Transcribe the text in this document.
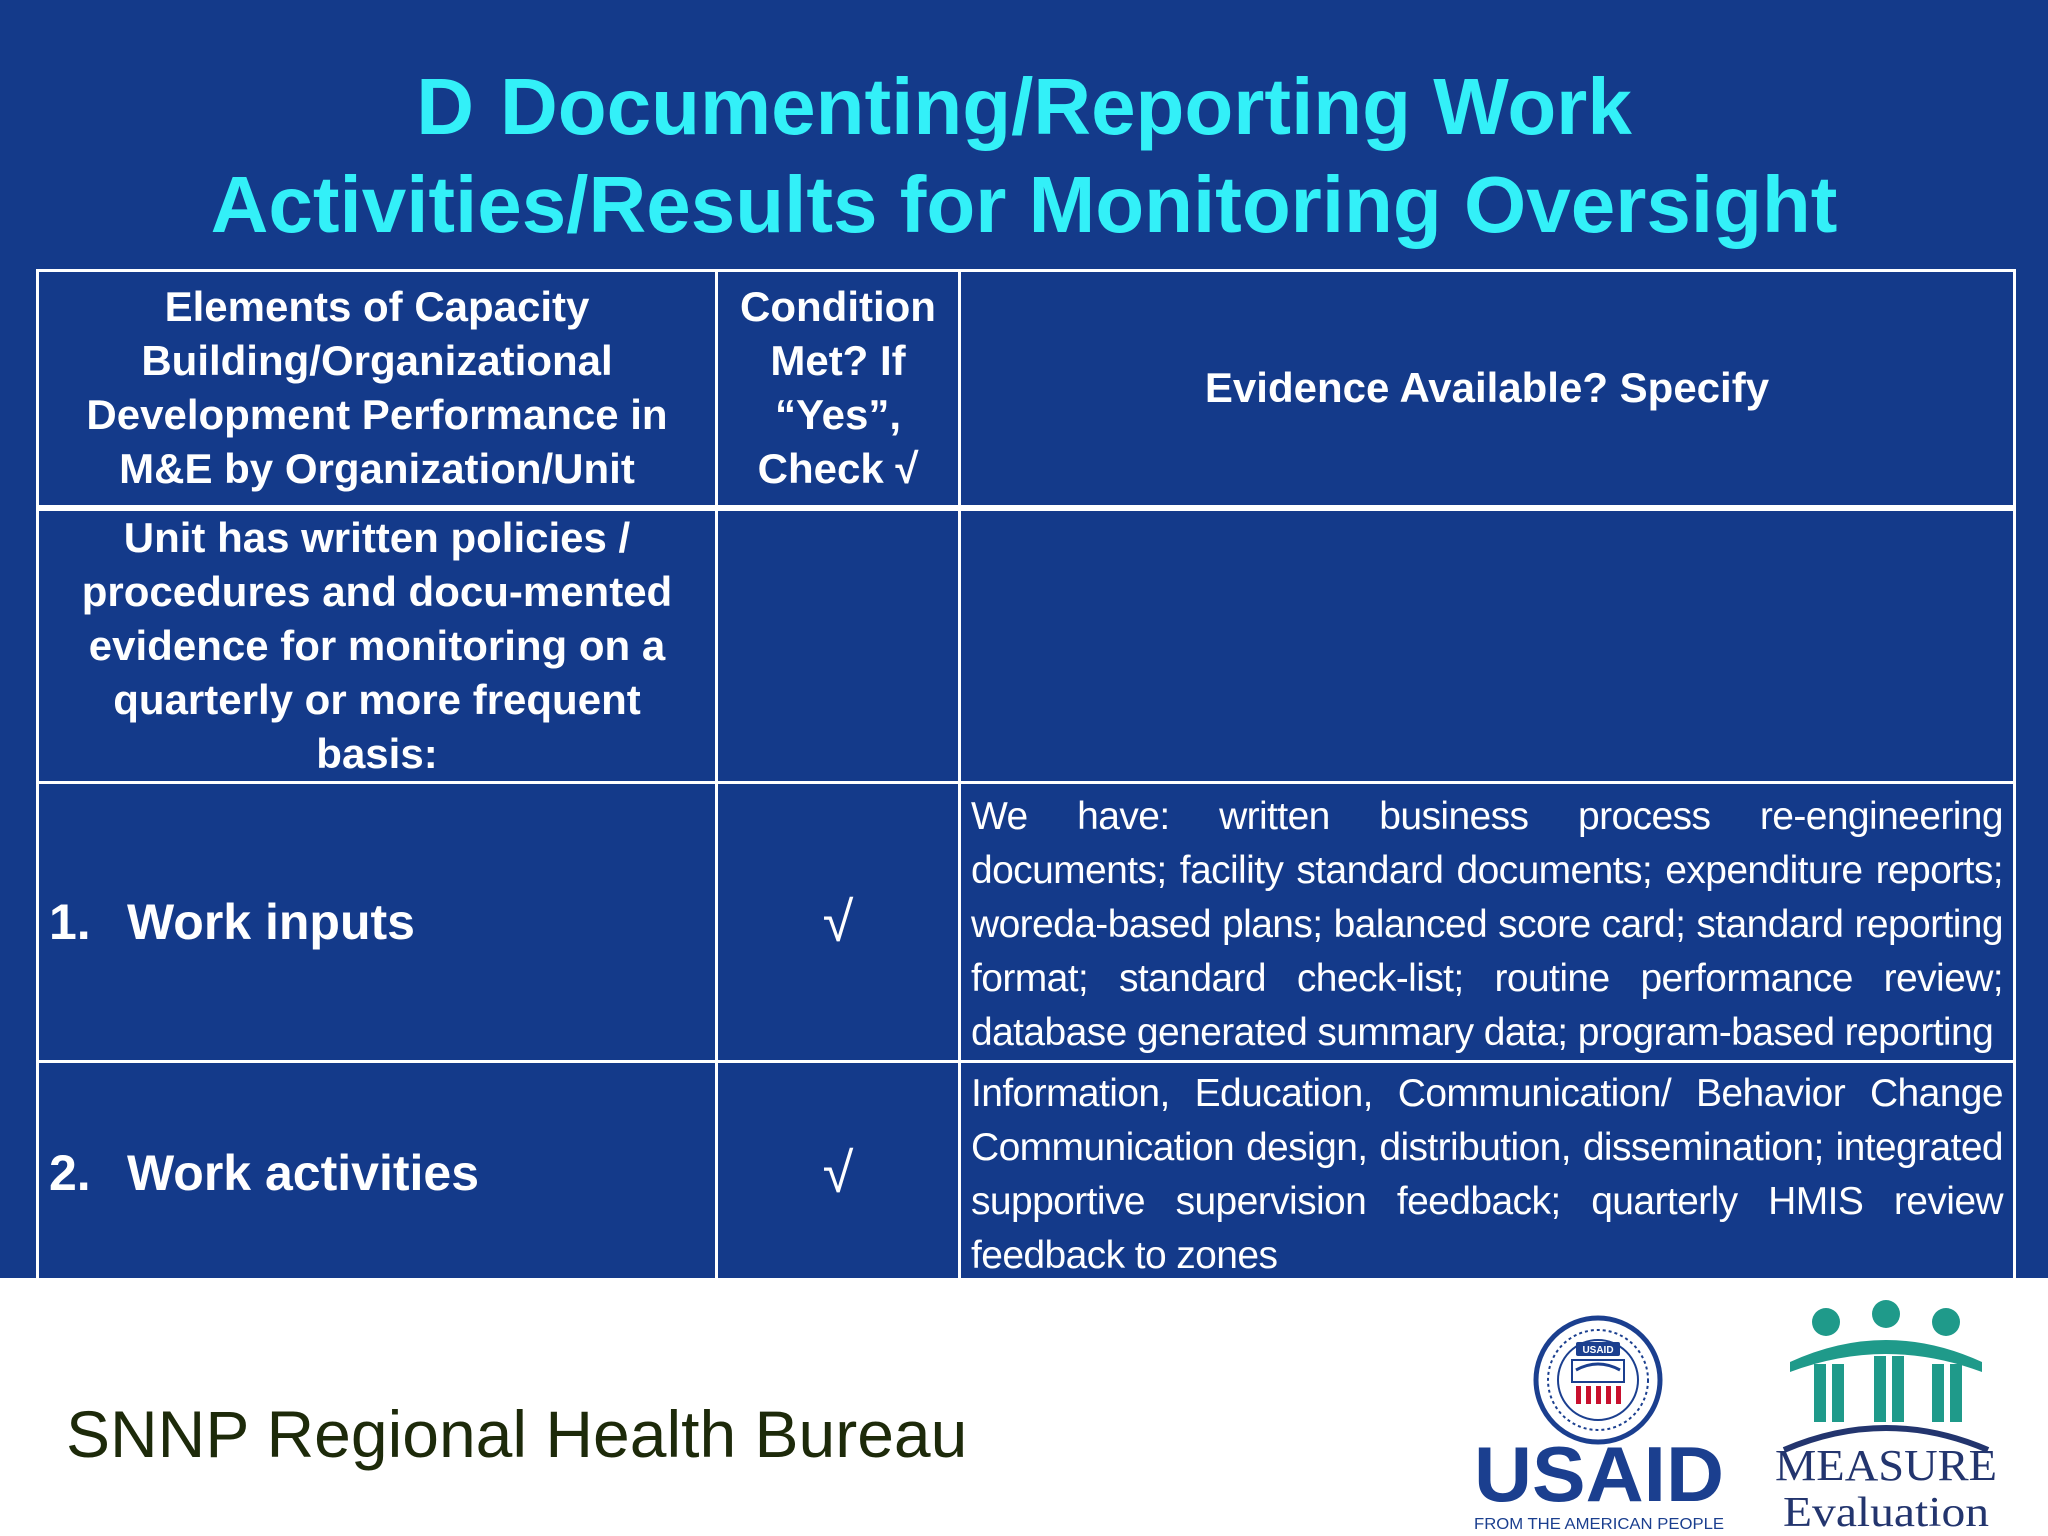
D Documenting/Reporting Work
Activities/Results for Monitoring Oversight
Elements of Capacity Building/Organizational Development Performance in M&E by Organization/Unit	Condition Met? If “Yes”, Check √	Evidence Available? Specify
Unit has written policies / procedures and docu-mented evidence for monitoring on a quarterly or more frequent basis:		
1. Work inputs	√	We have: written business process re-engineering documents; facility standard documents; expenditure reports; woreda-based plans; balanced score card; standard reporting format; standard check-list; routine performance review; database generated summary data; program-based reporting
2. Work activities	√	Information, Education, Communication/ Behavior Change Communication design, distribution, dissemination; integrated supportive supervision feedback; quarterly HMIS review feedback to zones
SNNP Regional Health Bureau
USAID
USAID
FROM THE AMERICAN PEOPLE
MEASURE
Evaluation
